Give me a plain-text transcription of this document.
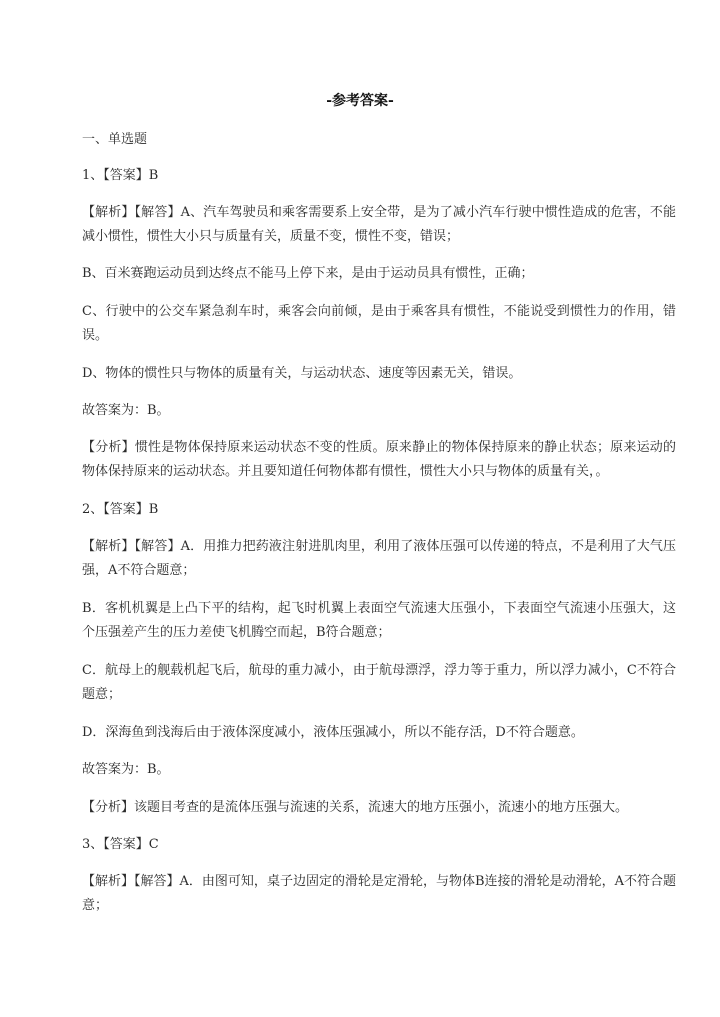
-参考答案-
一、单选题
1、【答案】B
【解析】【解答】A、汽车驾驶员和乘客需要系上安全带，是为了减小汽车行驶中惯性造成的危害，不能减小惯性，惯性大小只与质量有关，质量不变，惯性不变，错误；
B、百米赛跑运动员到达终点不能马上停下来，是由于运动员具有惯性，正确；
C、行驶中的公交车紧急刹车时，乘客会向前倾，是由于乘客具有惯性，不能说受到惯性力的作用，错误。
D、物体的惯性只与物体的质量有关，与运动状态、速度等因素无关，错误。
故答案为：B。
【分析】惯性是物体保持原来运动状态不变的性质。原来静止的物体保持原来的静止状态；原来运动的物体保持原来的运动状态。并且要知道任何物体都有惯性，惯性大小只与物体的质量有关，。
2、【答案】B
【解析】【解答】A．用推力把药液注射进肌肉里，利用了液体压强可以传递的特点，不是利用了大气压强，A不符合题意；
B．客机机翼是上凸下平的结构，起飞时机翼上表面空气流速大压强小，下表面空气流速小压强大，这个压强差产生的压力差使飞机腾空而起，B符合题意；
C．航母上的舰载机起飞后，航母的重力减小，由于航母漂浮，浮力等于重力，所以浮力减小，C不符合题意；
D．深海鱼到浅海后由于液体深度减小，液体压强减小，所以不能存活，D不符合题意。
故答案为：B。
【分析】该题目考查的是流体压强与流速的关系，流速大的地方压强小，流速小的地方压强大。
3、【答案】C
【解析】【解答】A．由图可知，桌子边固定的滑轮是定滑轮，与物体B连接的滑轮是动滑轮，A不符合题意；
